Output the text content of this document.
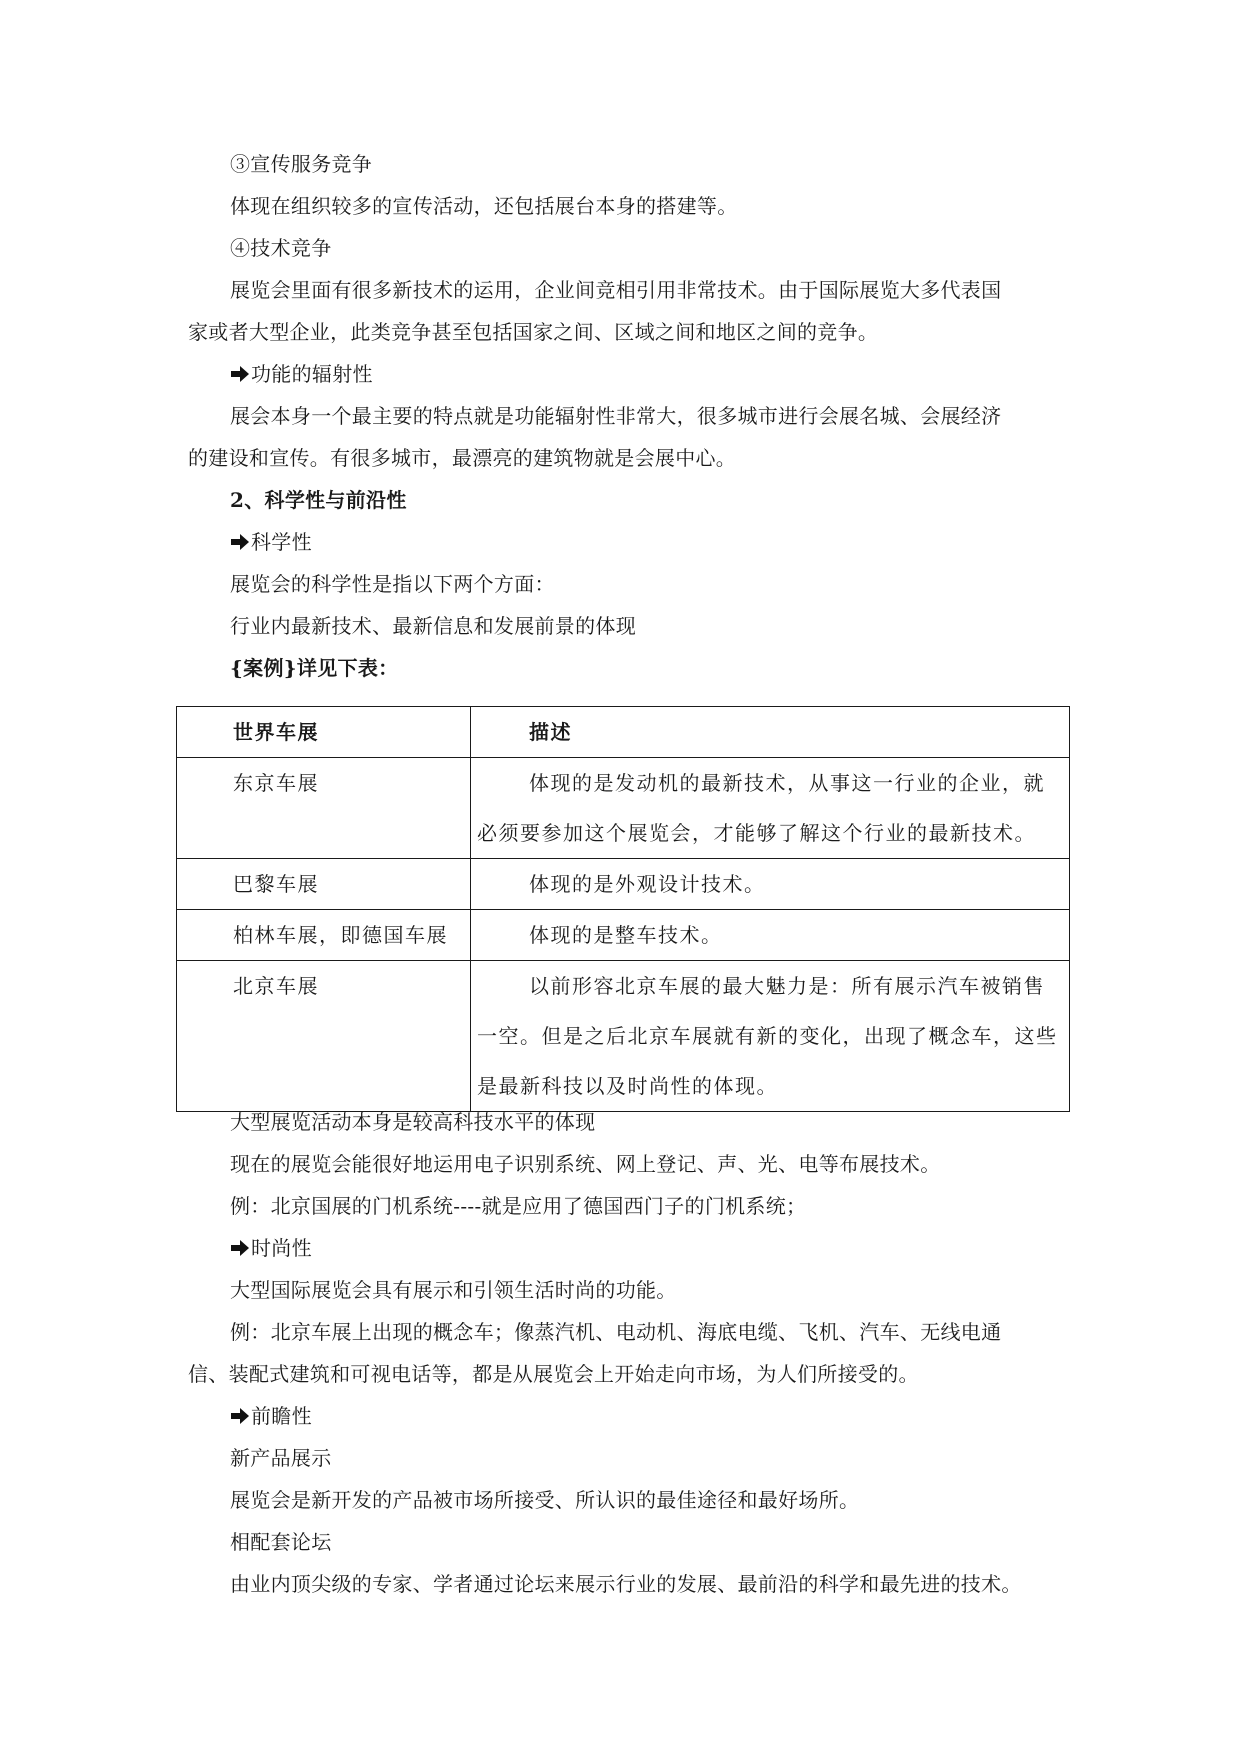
③宣传服务竞争
体现在组织较多的宣传活动，还包括展台本身的搭建等。
④技术竞争
展览会里面有很多新技术的运用，企业间竞相引用非常技术。由于国际展览大多代表国
家或者大型企业，此类竞争甚至包括国家之间、区域之间和地区之间的竞争。
功能的辐射性
展会本身一个最主要的特点就是功能辐射性非常大，很多城市进行会展名城、会展经济
的建设和宣传。有很多城市，最漂亮的建筑物就是会展中心。
2、科学性与前沿性
科学性
展览会的科学性是指以下两个方面：
行业内最新技术、最新信息和发展前景的体现
{案例}详见下表：
世界车展	描述
东京车展	体现的是发动机的最新技术，从事这一行业的企业，就必须要参加这个展览会，才能够了解这个行业的最新技术。

巴黎车展	体现的是外观设计技术。

柏林车展，即德国车展	体现的是整车技术。

北京车展	以前形容北京车展的最大魅力是：所有展示汽车被销售一空。但是之后北京车展就有新的变化，出现了概念车，这些是最新科技以及时尚性的体现。
大型展览活动本身是较高科技水平的体现
现在的展览会能很好地运用电子识别系统、网上登记、声、光、电等布展技术。
例：北京国展的门机系统----就是应用了德国西门子的门机系统；
时尚性
大型国际展览会具有展示和引领生活时尚的功能。
例：北京车展上出现的概念车；像蒸汽机、电动机、海底电缆、飞机、汽车、无线电通
信、装配式建筑和可视电话等，都是从展览会上开始走向市场，为人们所接受的。
前瞻性
新产品展示
展览会是新开发的产品被市场所接受、所认识的最佳途径和最好场所。
相配套论坛
由业内顶尖级的专家、学者通过论坛来展示行业的发展、最前沿的科学和最先进的技术。
